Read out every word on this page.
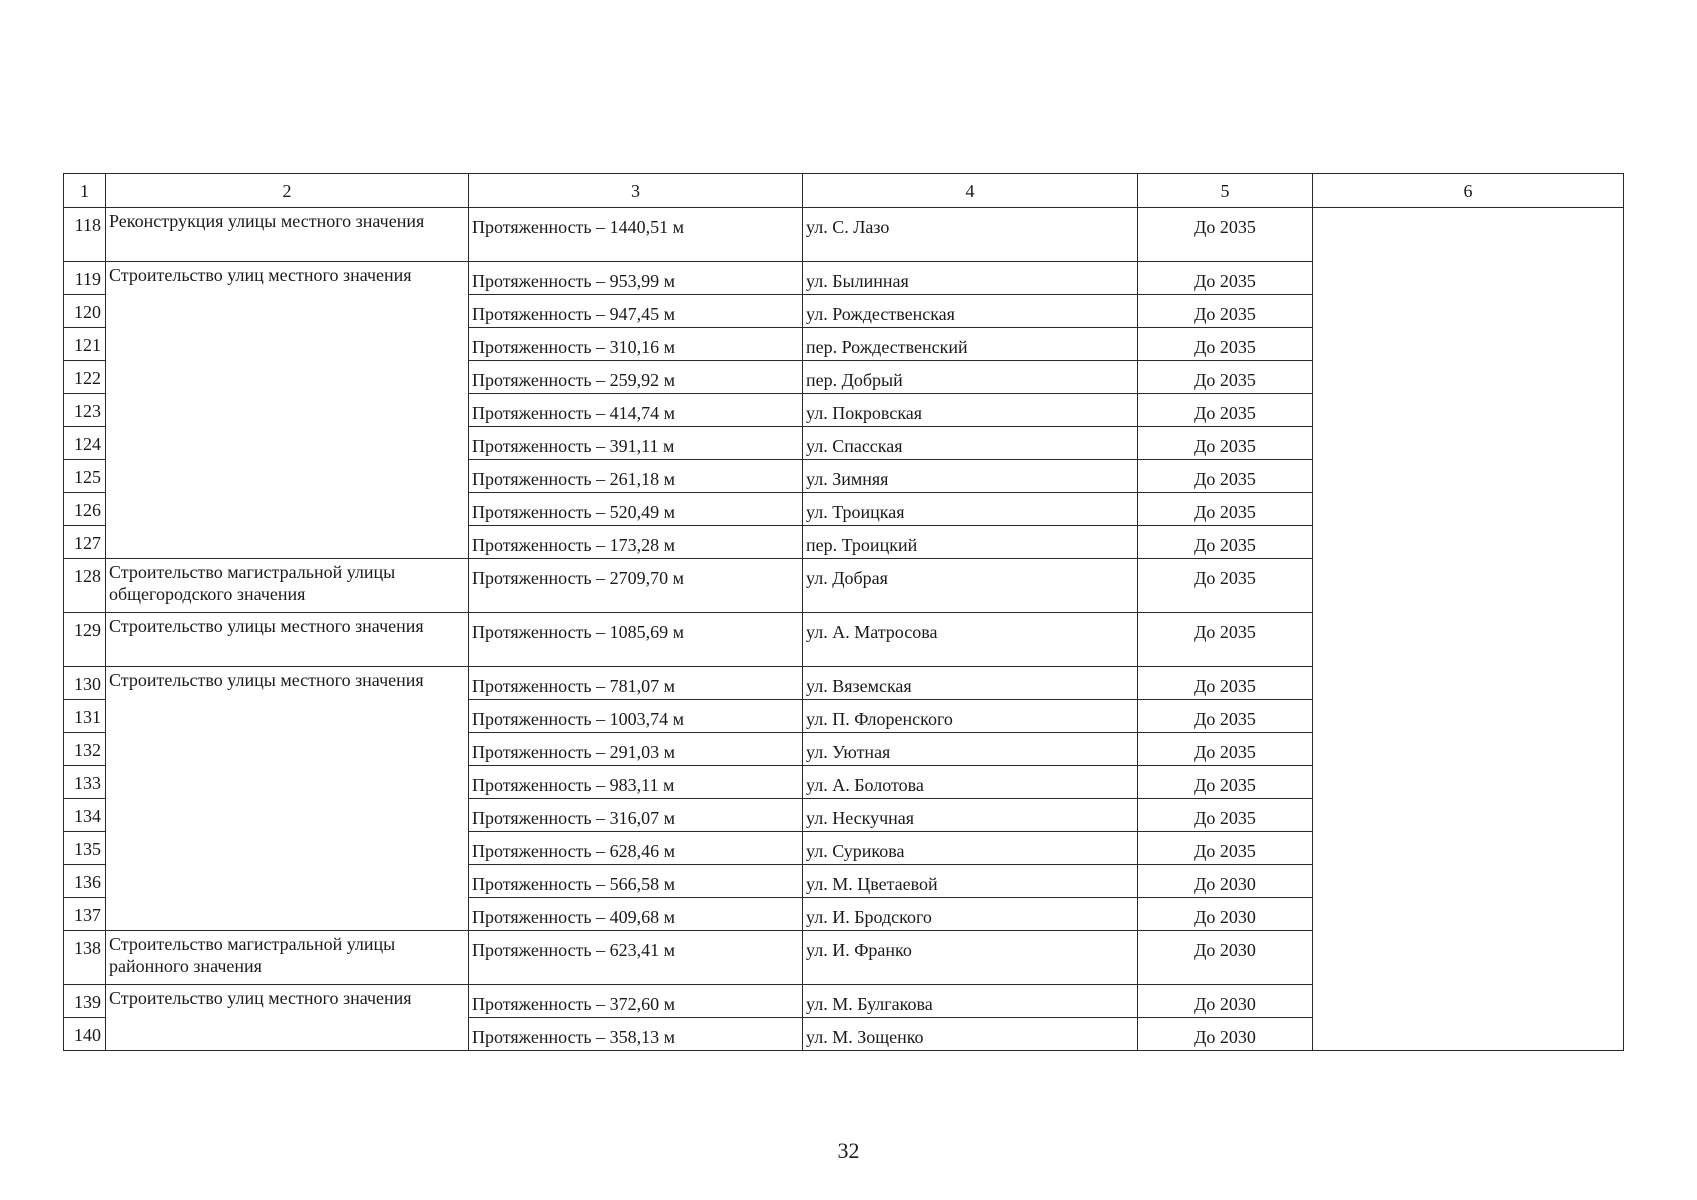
1	2	3	4	5	6
118	Реконструкция улицы местного значения	Протяженность – 1440,51 м	ул. С. Лазо	До 2035	
119	Строительство улиц местного значения	Протяженность – 953,99 м	ул. Былинная	До 2035	
120		Протяженность – 947,45 м	ул. Рождественская	До 2035	
121		Протяженность – 310,16 м	пер. Рождественский	До 2035	
122		Протяженность – 259,92 м	пер. Добрый	До 2035	
123		Протяженность – 414,74 м	ул. Покровская	До 2035	
124		Протяженность – 391,11 м	ул. Спасская	До 2035	
125		Протяженность – 261,18 м	ул. Зимняя	До 2035	
126		Протяженность – 520,49 м	ул. Троицкая	До 2035	
127		Протяженность – 173,28 м	пер. Троицкий	До 2035	
128	Строительство магистральной улицы общегородского значения	Протяженность – 2709,70 м	ул. Добрая	До 2035	
129	Строительство улицы местного значения	Протяженность – 1085,69 м	ул. А. Матросова	До 2035	
130	Строительство улицы местного значения	Протяженность – 781,07 м	ул. Вяземская	До 2035	
131		Протяженность – 1003,74 м	ул. П. Флоренского	До 2035	
132		Протяженность – 291,03 м	ул. Уютная	До 2035	
133		Протяженность – 983,11 м	ул. А. Болотова	До 2035	
134		Протяженность – 316,07 м	ул. Нескучная	До 2035	
135		Протяженность – 628,46 м	ул. Сурикова	До 2035	
136		Протяженность – 566,58 м	ул. М. Цветаевой	До 2030	
137		Протяженность – 409,68 м	ул. И. Бродского	До 2030	
138	Строительство магистральной улицы районного значения	Протяженность – 623,41 м	ул. И. Франко	До 2030	
139	Строительство улиц местного значения	Протяженность – 372,60 м	ул. М. Булгакова	До 2030	
140		Протяженность – 358,13 м	ул. М. Зощенко	До 2030	
32
